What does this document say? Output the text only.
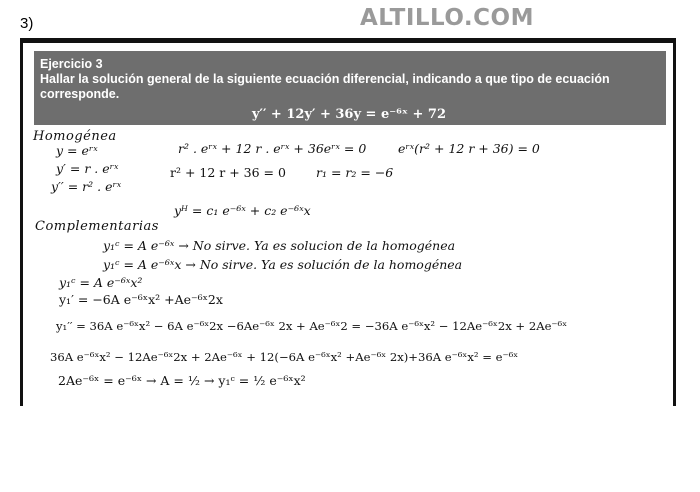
3)	ALTILLO.COM
Ejercicio 3
Hallar la solución general de la siguiente ecuación diferencial, indicando a que tipo de ecuación corresponde.
y′′ + 12y′ + 36y = e⁻⁶ˣ + 72
Homogénea
y = eʳˣ
y′ = r . eʳˣ
y′′ = r² . eʳˣ
r² . eʳˣ + 12 r . eʳˣ + 36eʳˣ = 0	eʳˣ(r² + 12 r + 36) = 0
r² + 12 r + 36 = 0 r₁ = r₂ = −6
yᴴ = c₁ e⁻⁶ˣ + c₂ e⁻⁶ˣx
Complementarias
y₁ᶜ = A e⁻⁶ˣ → No sirve. Ya es solucion de la homogénea
y₁ᶜ = A e⁻⁶ˣx → No sirve. Ya es solución de la homogénea
y₁ᶜ = A e⁻⁶ˣx²
y₁′ = −6A e⁻⁶ˣx² +Ae⁻⁶ˣ2x
y₁′′ = 36A e⁻⁶ˣx² − 6A e⁻⁶ˣ2x −6Ae⁻⁶ˣ 2x + Ae⁻⁶ˣ2 = −36A e⁻⁶ˣx² − 12Ae⁻⁶ˣ2x + 2Ae⁻⁶ˣ
36A e⁻⁶ˣx² − 12Ae⁻⁶ˣ2x + 2Ae⁻⁶ˣ + 12(−6A e⁻⁶ˣx² +Ae⁻⁶ˣ 2x)+36A e⁻⁶ˣx² = e⁻⁶ˣ
2Ae⁻⁶ˣ = e⁻⁶ˣ → A = ½ → y₁ᶜ = ½ e⁻⁶ˣx²
